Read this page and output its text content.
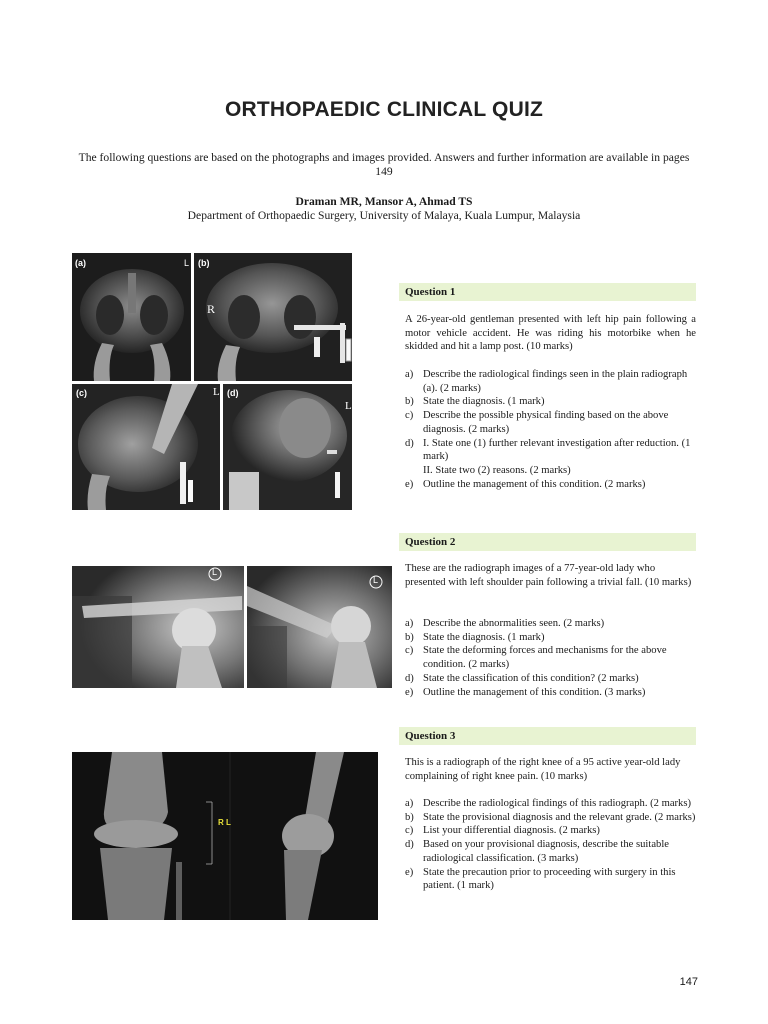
ORTHOPAEDIC CLINICAL QUIZ
The following questions are based on the photographs and images provided. Answers and further information are available in pages 149
Draman MR, Mansor A, Ahmad TS
Department of Orthopaedic Surgery, University of Malaya, Kuala Lumpur, Malaysia
(a)	L (b)
R
(c)	L (d)
L
L
L
R L
Question 1
A 26-year-old gentleman presented with left hip pain following a motor vehicle accident. He was riding his motorbike when he skidded and hit a lamp post. (10 marks)
a) Describe the radiological findings seen in the plain radiograph (a). (2 marks)
b) State the diagnosis. (1 mark)
c) Describe the possible physical finding based on the above diagnosis. (2 marks)
d) I. State one (1) further relevant investigation after reduction. (1 mark)
II. State two (2) reasons. (2 marks)
e) Outline the management of this condition. (2 marks)
Question 2
These are the radiograph images of a 77-year-old lady who presented with left shoulder pain following a trivial fall. (10 marks)
a) Describe the abnormalities seen. (2 marks)
b) State the diagnosis. (1 mark)
c) State the deforming forces and mechanisms for the above condition. (2 marks)
d) State the classification of this condition? (2 marks)
e) Outline the management of this condition. (3 marks)
Question 3
This is a radiograph of the right knee of a 95 active year-old lady complaining of right knee pain. (10 marks)
a) Describe the radiological findings of this radiograph. (2 marks)
b) State the provisional diagnosis and the relevant grade. (2 marks)
c) List your differential diagnosis. (2 marks)
d) Based on your provisional diagnosis, describe the suitable radiological classification. (3 marks)
e) State the precaution prior to proceeding with surgery in this patient. (1 mark)
147
